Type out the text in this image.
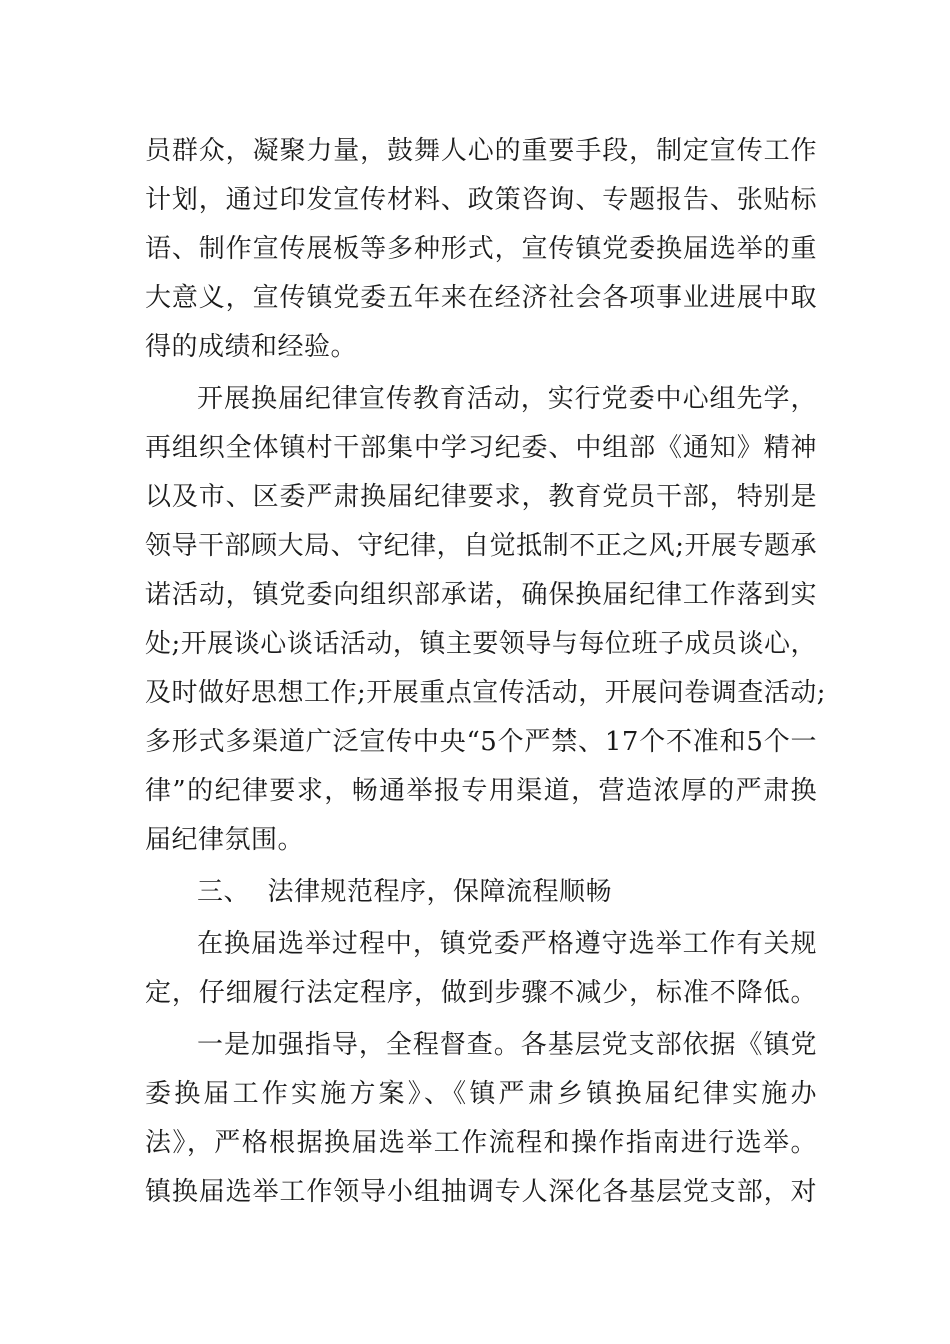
员群众，凝聚力量，鼓舞人心的重要手段，制定宣传工作
计划，通过印发宣传材料、政策咨询、专题报告、张贴标
语、制作宣传展板等多种形式，宣传镇党委换届选举的重
大意义，宣传镇党委五年来在经济社会各项事业进展中取
得的成绩和经验。
开展换届纪律宣传教育活动，实行党委中心组先学，
再组织全体镇村干部集中学习纪委、中组部《通知》精神
以及市、区委严肃换届纪律要求，教育党员干部，特别是
领导干部顾大局、守纪律，自觉抵制不正之风;开展专题承
诺活动，镇党委向组织部承诺，确保换届纪律工作落到实
处;开展谈心谈话活动，镇主要领导与每位班子成员谈心，
及时做好思想工作;开展重点宣传活动，开展问卷调查活动;
多形式多渠道广泛宣传中央“5个严禁、17个不准和5个一
律”的纪律要求，畅通举报专用渠道，营造浓厚的严肃换
届纪律氛围。
三、  法律规范程序，保障流程顺畅
在换届选举过程中，镇党委严格遵守选举工作有关规
定，仔细履行法定程序，做到步骤不减少，标准不降低。
一是加强指导，全程督查。各基层党支部依据《镇党
委换届工作实施方案》、《镇严肃乡镇换届纪律实施办
法》，严格根据换届选举工作流程和操作指南进行选举。
镇换届选举工作领导小组抽调专人深化各基层党支部，对
